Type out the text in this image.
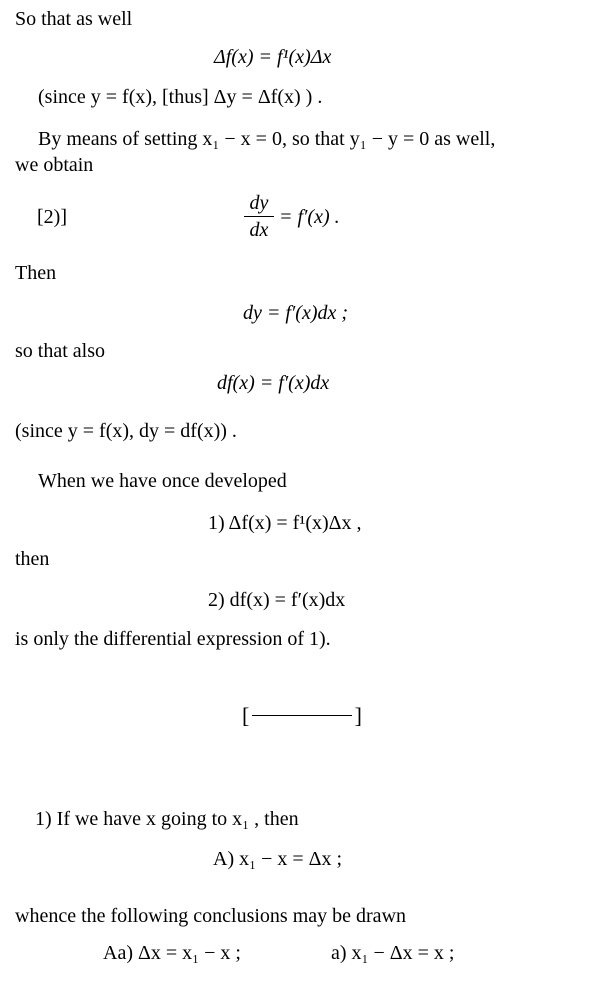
So that as well
Δf(x) = f¹(x)Δx
(since y = f(x), [thus] Δy = Δf(x) ) .
By means of setting x₁ − x = 0, so that y₁ − y = 0 as well,
we obtain
[2)]
dy
dx
= f′(x) .
Then
dy = f′(x)dx ;
so that also
df(x) = f′(x)dx
(since y = f(x), dy = df(x)) .
When we have once developed
1) Δf(x) = f¹(x)Δx ,
then
2) df(x) = f′(x)dx
is only the differential expression of 1).
[	]
1) If we have x going to x₁ , then
A) x₁ − x = Δx ;
whence the following conclusions may be drawn
Aa) Δx = x₁ − x ;	a) x₁ − Δx = x ;
